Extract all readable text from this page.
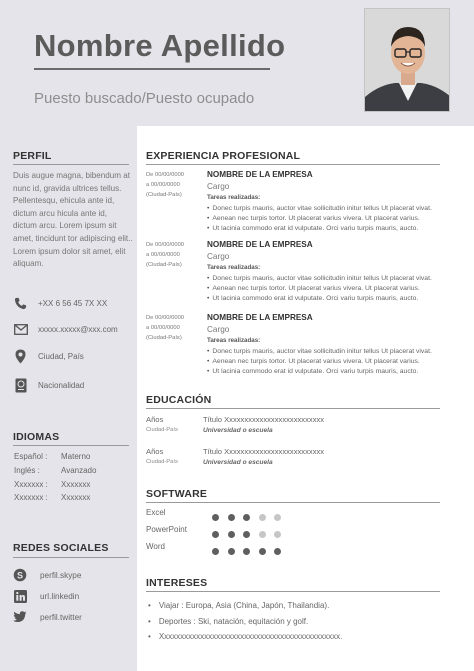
Nombre Apellido
Puesto buscado/Puesto ocupado
PERFIL
Duis augue magna, bibendum at nunc id, gravida ultrices tellus. Pellentesqu, ehicula ante id, dictum arcu hicula ante id, dictum arcu. Lorem ipsum sit amet, tincidunt tor adipiscing elit.. Lorem ipsum dolor sit amet, elit aliquam.
+XX 6 56 45 7X XX
xxxxx.xxxxx@xxx.com
Ciudad, País
Nacionalidad
IDIOMAS
Español : Materno
Inglés :	Avanzado
Xxxxxxx : Xxxxxxx
Xxxxxxx : Xxxxxxx
REDES SOCIALES
S perfil.skype
url.linkedin
perfil.twitter
EXPERIENCIA PROFESIONAL
De 00/00/0000
a 00/00/0000
(Ciudad-País)
NOMBRE DE LA EMPRESA
Cargo
Tareas realizadas:
• Donec turpis mauris, auctor vitae sollicitudin initur tellus Ut placerat vivat.
• Aenean nec turpis tortor. Ut placerat varius vivera. Ut placerat varius.
• Ut lacinia commodo erat id vulputate. Orci variu turpis mauris, aucto.
De 00/00/0000
a 00/00/0000
(Ciudad-País)
NOMBRE DE LA EMPRESA
Cargo
Tareas realizadas:
• Donec turpis mauris, auctor vitae sollicitudin initur tellus Ut placerat vivat.
• Aenean nec turpis tortor. Ut placerat varius vivera. Ut placerat varius.
• Ut lacinia commodo erat id vulputate. Orci variu turpis mauris, aucto.
De 00/00/0000
a 00/00/0000
(Ciudad-País)
NOMBRE DE LA EMPRESA
Cargo
Tareas realizadas:
• Donec turpis mauris, auctor vitae sollicitudin initur tellus Ut placerat vivat.
• Aenean nec turpis tortor. Ut placerat varius vivera. Ut placerat varius.
• Ut lacinia commodo erat id vulputate. Orci variu turpis mauris, aucto.
EDUCACIÓN
Años
Ciudad-País
Título Xxxxxxxxxxxxxxxxxxxxxxxxxx
Universidad o escuela
Años
Ciudad-País
Título Xxxxxxxxxxxxxxxxxxxxxxxxxx
Universidad o escuela
SOFTWARE
Excel
PowerPoint
Word
INTERESES
• Viajar : Europa, Asia (China, Japón, Thailandia).
• Deportes : Ski, natación, equitación y golf.
• Xxxxxxxxxxxxxxxxxxxxxxxxxxxxxxxxxxxxxxxxxxxxx.
